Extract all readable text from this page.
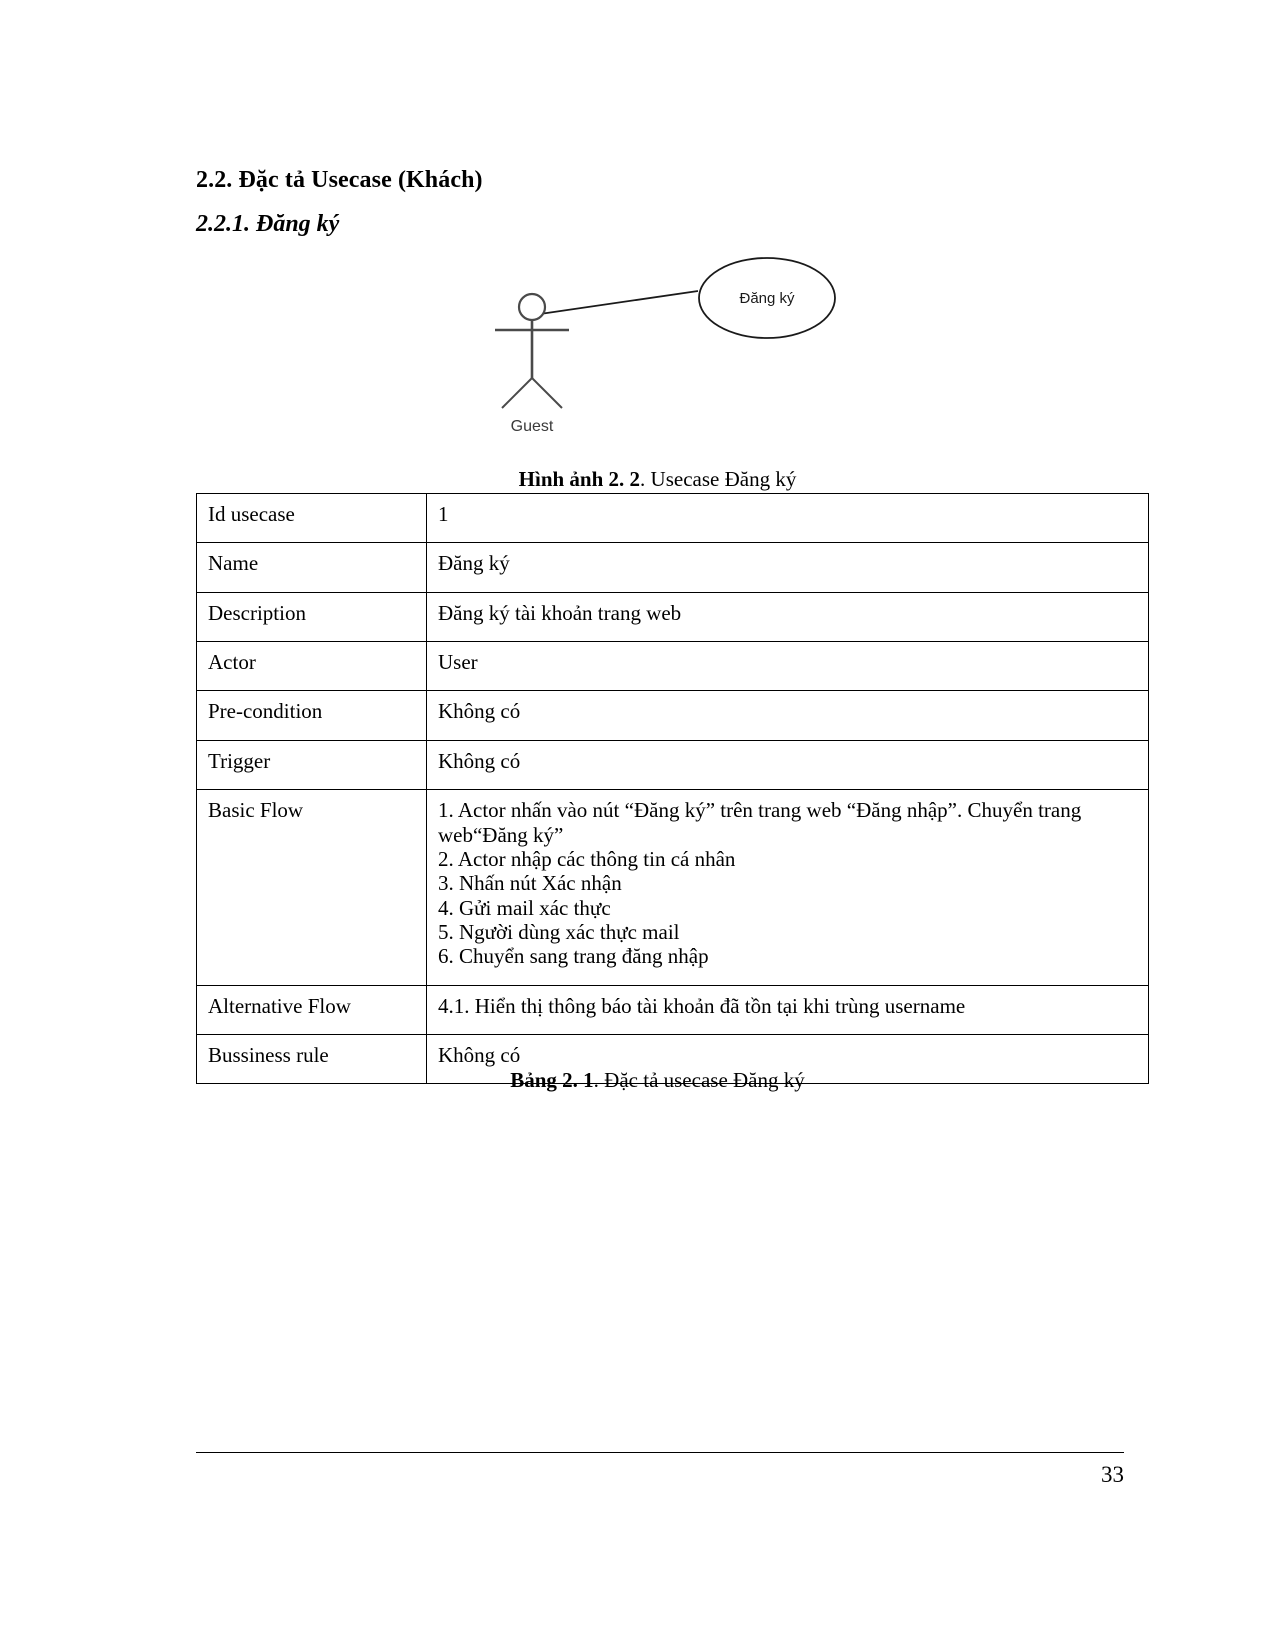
2.2. Đặc tả Usecase (Khách)
2.2.1. Đăng ký
Đăng ký
Guest
Hình ảnh 2. 2. Usecase Đăng ký
Id usecase	1
Name	Đăng ký
Description	Đăng ký tài khoản trang web
Actor	User
Pre-condition	Không có
Trigger	Không có
Basic Flow	1. Actor nhấn vào nút “Đăng ký” trên trang web “Đăng nhập”. Chuyển trang web“Đăng ký”
2. Actor nhập các thông tin cá nhân
3. Nhấn nút Xác nhận
4. Gửi mail xác thực
5. Người dùng xác thực mail
6. Chuyển sang trang đăng nhập

Alternative Flow	4.1. Hiển thị thông báo tài khoản đã tồn tại khi trùng username
Bussiness rule	Không có
Bảng 2. 1. Đặc tả usecase Đăng ký
33
